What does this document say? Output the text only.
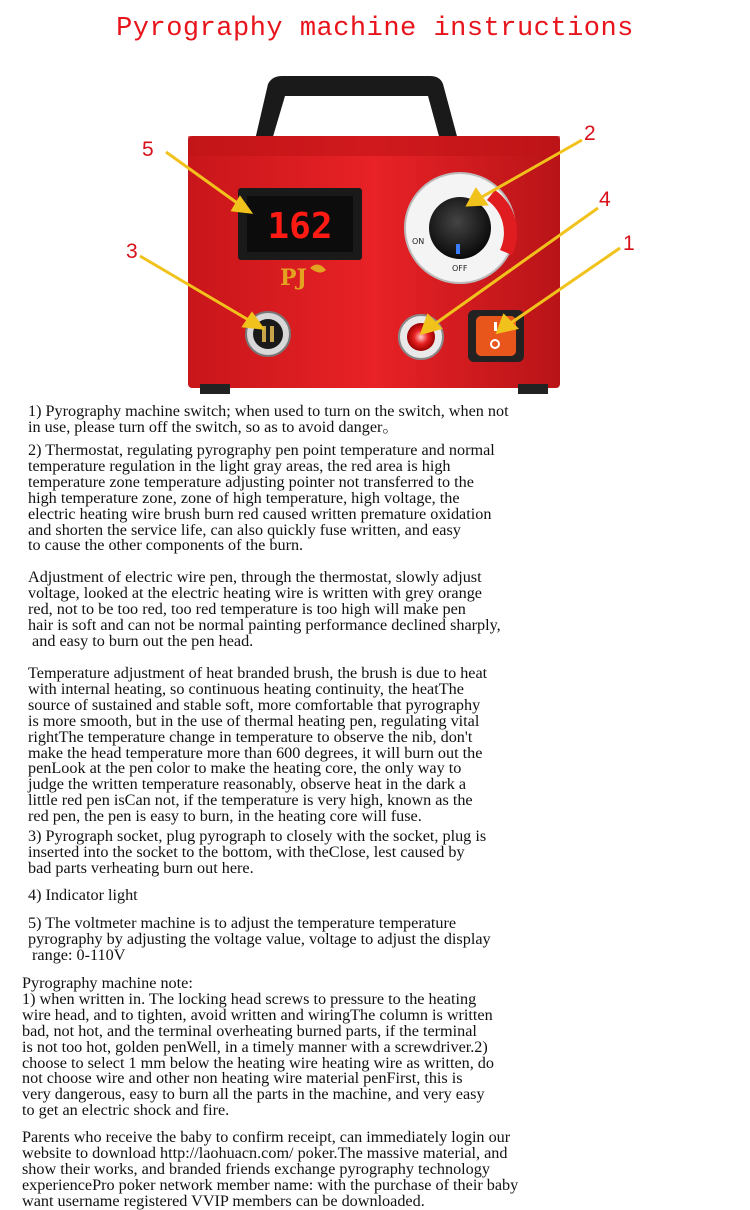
Pyrography machine instructions
162
PJ
ON
OFF
5
2
3
4
1

1) Pyrography machine switch; when used to turn on the switch, when not
in use, please turn off the switch, so as to avoid danger。

2) Thermostat, regulating pyrography pen point temperature and normal
temperature regulation in the light gray areas, the red area is high
temperature zone temperature adjusting pointer not transferred to the
high temperature zone, zone of high temperature, high voltage, the
electric heating wire brush burn red caused written premature oxidation
and shorten the service life, can also quickly fuse written, and easy
to cause the other components of the burn.

Adjustment of electric wire pen, through the thermostat, slowly adjust
voltage, looked at the electric heating wire is written with grey orange
red, not to be too red, too red temperature is too high will make pen
hair is soft and can not be normal painting performance declined sharply,
and easy to burn out the pen head.

Temperature adjustment of heat branded brush, the brush is due to heat
with internal heating, so continuous heating continuity, the heatThe
source of sustained and stable soft, more comfortable that pyrography
is more smooth, but in the use of thermal heating pen, regulating vital
rightThe temperature change in temperature to observe the nib, don't
make the head temperature more than 600 degrees, it will burn out the
penLook at the pen color to make the heating core, the only way to
judge the written temperature reasonably, observe heat in the dark a
little red pen isCan not, if the temperature is very high, known as the
red pen, the pen is easy to burn, in the heating core will fuse.

3) Pyrograph socket, plug pyrograph to closely with the socket, plug is
inserted into the socket to the bottom, with theClose, lest caused by
bad parts verheating burn out here.

4) Indicator light

5) The voltmeter machine is to adjust the temperature temperature
pyrography by adjusting the voltage value, voltage to adjust the display
range: 0-110V

Pyrography machine note:
1) when written in. The locking head screws to pressure to the heating
wire head, and to tighten, avoid written and wiringThe column is written
bad, not hot, and the terminal overheating burned parts, if the terminal
is not too hot, golden penWell, in a timely manner with a screwdriver.2)
choose to select 1 mm below the heating wire heating wire as written, do
not choose wire and other non heating wire material penFirst, this is
very dangerous, easy to burn all the parts in the machine, and very easy
to get an electric shock and fire.

Parents who receive the baby to confirm receipt, can immediately login our
website to download http://laohuacn.com/ poker.The massive material, and
show their works, and branded friends exchange pyrography technology
experiencePro poker network member name: with the purchase of their baby
want username registered VVIP members can be downloaded.
